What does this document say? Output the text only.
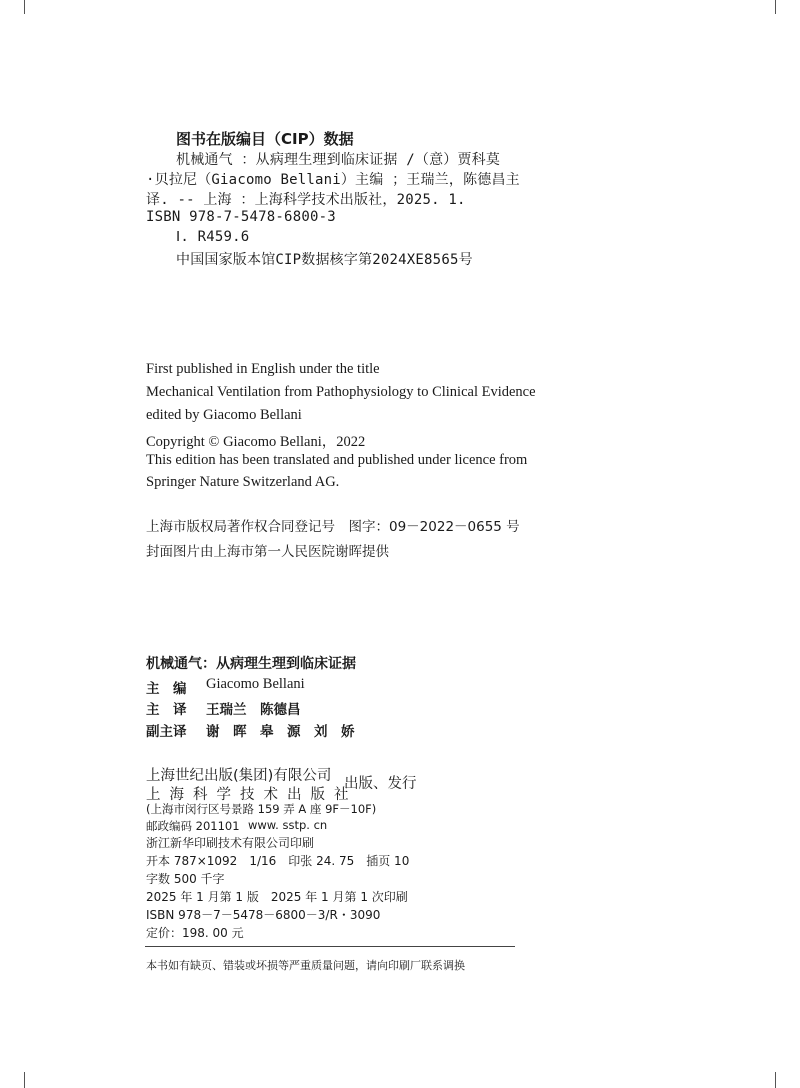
图书在版编目（CIP）数据
机械通气 ：从病理生理到临床证据 /（意）贾科莫
·贝拉尼（Giacomo Bellani）主编 ；王瑞兰，陈德昌主
译. -- 上海 ：上海科学技术出版社，2025. 1.
ISBN 978-7-5478-6800-3
Ⅰ. R459.6
中国国家版本馆CIP数据核字第2024XE8565号
First published in English under the title
Mechanical Ventilation from Pathophysiology to Clinical Evidence
edited by Giacomo Bellani
Copyright © Giacomo Bellani，2022
This edition has been translated and published under licence from
Springer Nature Switzerland AG.
上海市版权局著作权合同登记号　图字：09－2022－0655 号
封面图片由上海市第一人民医院谢晖提供
机械通气：从病理生理到临床证据
主　编 Giacomo Bellani
主　译 王瑞兰　陈德昌
副主译 谢　晖　皋　源　刘　娇
上海世纪出版(集团)有限公司
上海科学技术出版社
出版、发行
(上海市闵行区号景路 159 弄 A 座 9F－10F)
邮政编码 201101 www. sstp. cn
浙江新华印刷技术有限公司印刷
开本 787×1092　1/16　印张 24. 75　插页 10
字数 500 千字
2025 年 1 月第 1 版　2025 年 1 月第 1 次印刷
ISBN 978－7－5478－6800－3/R・3090
定价：198. 00 元
本书如有缺页、错装或坏损等严重质量问题，请向印刷厂联系调换
